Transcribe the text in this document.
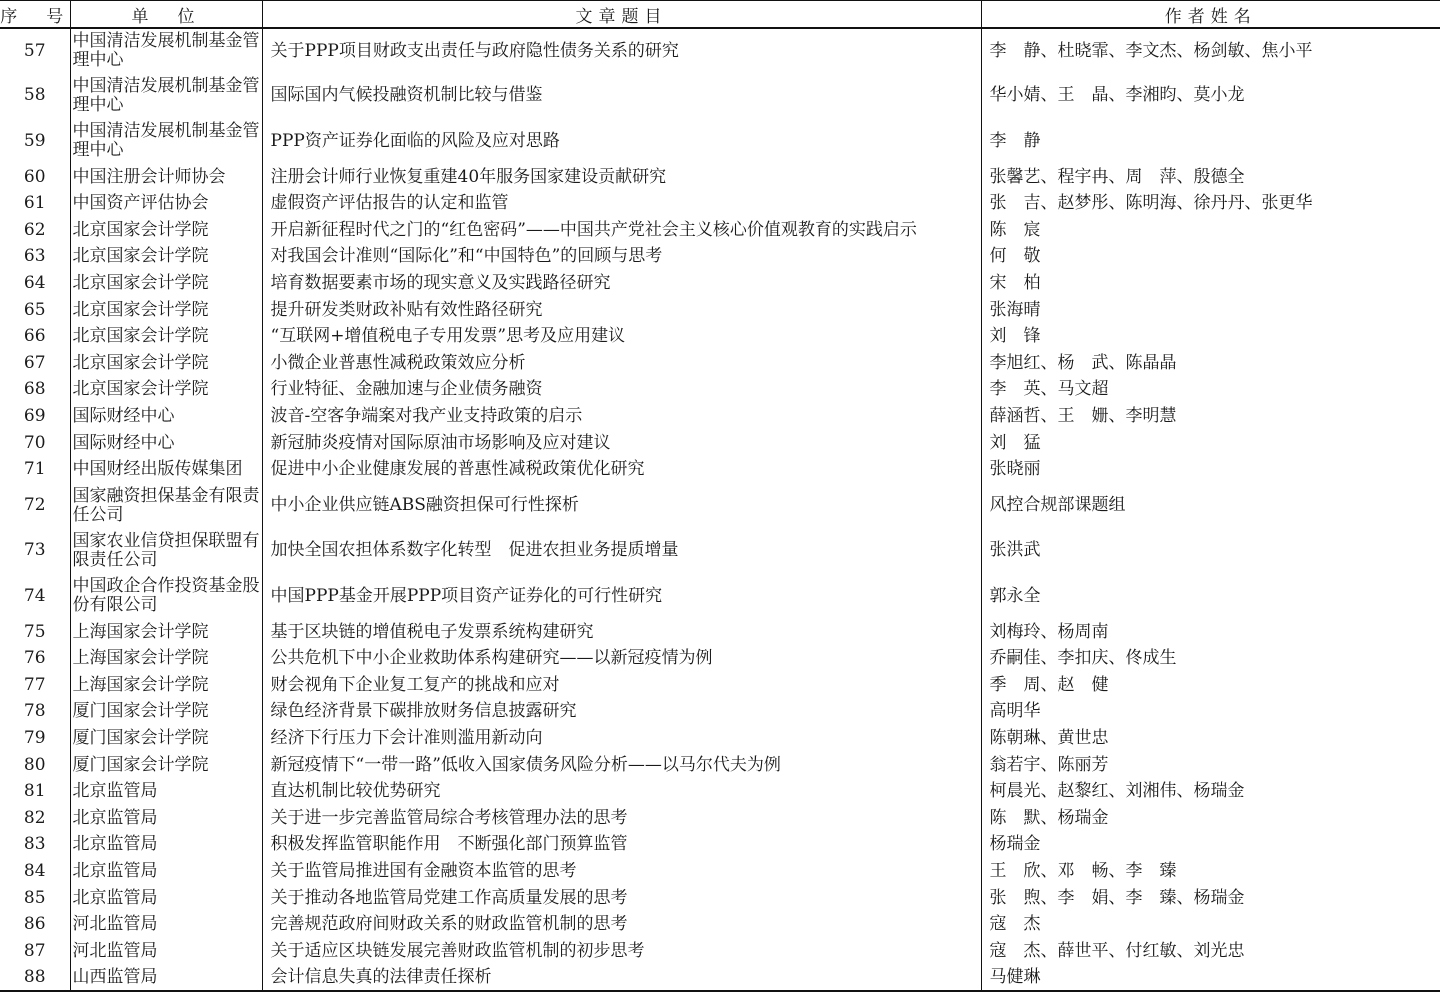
序　号	单　位	文章题目	作者姓名
57	中国清洁发展机制基金管理中心	关于PPP项目财政支出责任与政府隐性债务关系的研究	李　静、杜晓霏、李文杰、杨剑敏、焦小平
58	中国清洁发展机制基金管理中心	国际国内气候投融资机制比较与借鉴	华小婧、王　晶、李湘昀、莫小龙
59	中国清洁发展机制基金管理中心	PPP资产证券化面临的风险及应对思路	李　静
60	中国注册会计师协会	注册会计师行业恢复重建40年服务国家建设贡献研究	张馨艺、程宇冉、周　萍、殷德全
61	中国资产评估协会	虚假资产评估报告的认定和监管	张　吉、赵梦彤、陈明海、徐丹丹、张更华
62	北京国家会计学院	开启新征程时代之门的“红色密码”——中国共产党社会主义核心价值观教育的实践启示	陈　宸
63	北京国家会计学院	对我国会计准则“国际化”和“中国特色”的回顾与思考	何　敬
64	北京国家会计学院	培育数据要素市场的现实意义及实践路径研究	宋　柏
65	北京国家会计学院	提升研发类财政补贴有效性路径研究	张海晴
66	北京国家会计学院	“互联网+增值税电子专用发票”思考及应用建议	刘　锋
67	北京国家会计学院	小微企业普惠性减税政策效应分析	李旭红、杨　武、陈晶晶
68	北京国家会计学院	行业特征、金融加速与企业债务融资	李　英、马文超
69	国际财经中心	波音-空客争端案对我产业支持政策的启示	薛涵哲、王　姗、李明慧
70	国际财经中心	新冠肺炎疫情对国际原油市场影响及应对建议	刘　猛
71	中国财经出版传媒集团	促进中小企业健康发展的普惠性减税政策优化研究	张晓丽
72	国家融资担保基金有限责任公司	中小企业供应链ABS融资担保可行性探析	风控合规部课题组
73	国家农业信贷担保联盟有限责任公司	加快全国农担体系数字化转型　促进农担业务提质增量	张洪武
74	中国政企合作投资基金股份有限公司	中国PPP基金开展PPP项目资产证券化的可行性研究	郭永全
75	上海国家会计学院	基于区块链的增值税电子发票系统构建研究	刘梅玲、杨周南
76	上海国家会计学院	公共危机下中小企业救助体系构建研究——以新冠疫情为例	乔嗣佳、李扣庆、佟成生
77	上海国家会计学院	财会视角下企业复工复产的挑战和应对	季　周、赵　健
78	厦门国家会计学院	绿色经济背景下碳排放财务信息披露研究	高明华
79	厦门国家会计学院	经济下行压力下会计准则滥用新动向	陈朝琳、黄世忠
80	厦门国家会计学院	新冠疫情下“一带一路”低收入国家债务风险分析——以马尔代夫为例	翁若宇、陈丽芳
81	北京监管局	直达机制比较优势研究	柯晨光、赵黎红、刘湘伟、杨瑞金
82	北京监管局	关于进一步完善监管局综合考核管理办法的思考	陈　默、杨瑞金
83	北京监管局	积极发挥监管职能作用　不断强化部门预算监管	杨瑞金
84	北京监管局	关于监管局推进国有金融资本监管的思考	王　欣、邓　畅、李　臻
85	北京监管局	关于推动各地监管局党建工作高质量发展的思考	张　煦、李　娟、李　臻、杨瑞金
86	河北监管局	完善规范政府间财政关系的财政监管机制的思考	寇　杰
87	河北监管局	关于适应区块链发展完善财政监管机制的初步思考	寇　杰、薛世平、付红敏、刘光忠
88	山西监管局	会计信息失真的法律责任探析	马健琳
